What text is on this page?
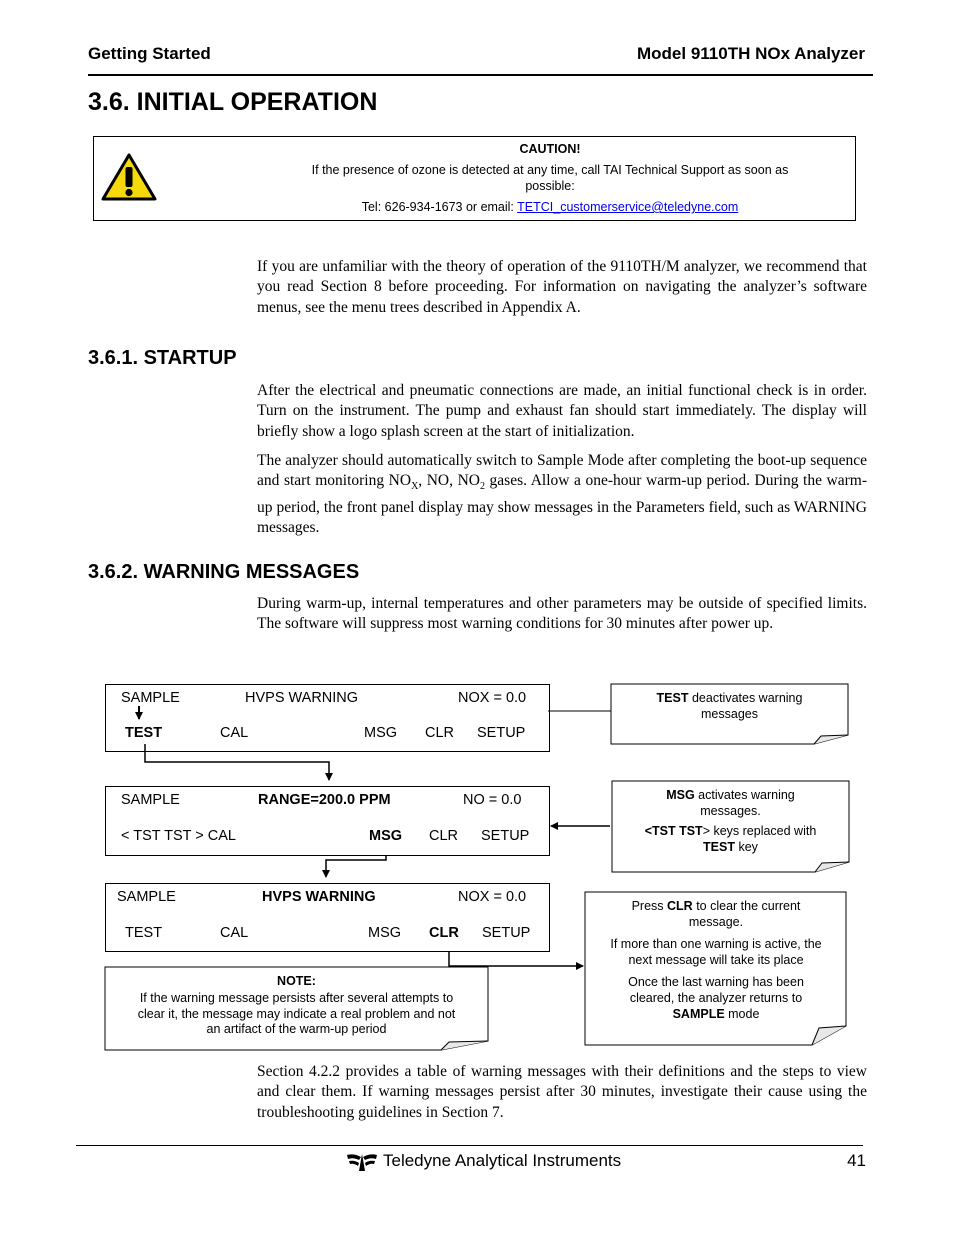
Getting Started	Model 9110TH NOx Analyzer
3.6. INITIAL OPERATION
CAUTION!
If the presence of ozone is detected at any time, call TAI Technical Support as soon as
possible:
Tel: 626-934-1673 or email: TETCI_customerservice@teledyne.com

If you are unfamiliar with the theory of operation of the 9110TH/M analyzer, we recommend that you read Section 8 before proceeding. For information on navigating the analyzer’s software menus, see the menu trees described in Appendix A.

3.6.1. STARTUP

After the electrical and pneumatic connections are made, an initial functional check is in order. Turn on the instrument. The pump and exhaust fan should start immediately. The display will briefly show a logo splash screen at the start of initialization.

The analyzer should automatically switch to Sample Mode after completing the boot-up sequence and start monitoring $NO_X$, NO, $NO_2$ gases. Allow a one-hour warm-up period. During the warm-up period, the front panel display may show messages in the Parameters field, such as WARNING messages.

3.6.2. WARNING MESSAGES

During warm-up, internal temperatures and other parameters may be outside of specified limits. The software will suppress most warning conditions for 30 minutes after power up.

SAMPLE	HVPS WARNING	NOX = 0.0
TEST	CAL	MSG CLR SETUP
SAMPLE	RANGE=200.0 PPM	NO = 0.0
< TST TST > CAL	MSG CLR SETUP
SAMPLE	HVPS WARNING	NOX = 0.0
TEST	CAL	MSG CLR SETUP
TEST deactivates warning
messages
MSG activates warning
messages.
<TST TST> keys replaced with
TEST key
Press CLR to clear the current
message.
If more than one warning is active, the
next message will take its place
Once the last warning has been
cleared, the analyzer returns to
SAMPLE mode
NOTE:
If the warning message persists after several attempts to
clear it, the message may indicate a real problem and not
an artifact of the warm-up period

Section 4.2.2 provides a table of warning messages with their definitions and the steps to view and clear them. If warning messages persist after 30 minutes, investigate their cause using the troubleshooting guidelines in Section 7.

Teledyne Analytical Instruments	41
